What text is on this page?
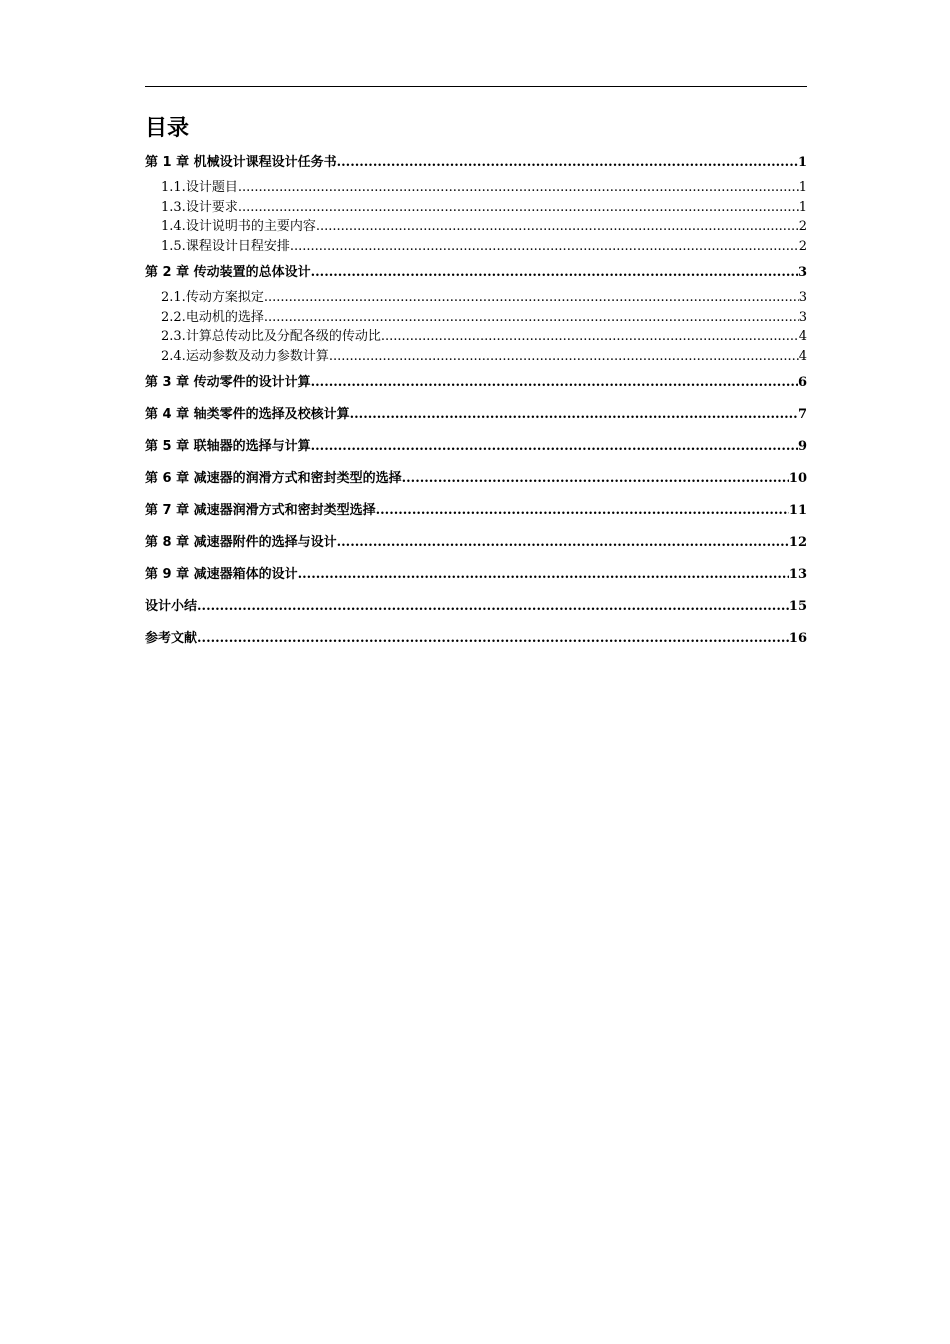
目录
第 1 章 机械设计课程设计任务书 .....	1
1.1. 设计题目 .....	1
1.3. 设计要求 .....	1
1.4. 设计说明书的主要内容 .....	2
1.5. 课程设计日程安排 .....	2
第 2 章 传动装置的总体设计 .....	3
2.1. 传动方案拟定 .....	3
2.2. 电动机的选择 .....	3
2.3. 计算总传动比及分配各级的传动比 .....	4
2.4. 运动参数及动力参数计算 .....	4
第 3 章 传动零件的设计计算 .....	6
第 4 章 轴类零件的选择及校核计算 .....	7
第 5 章 联轴器的选择与计算 .....	9
第 6 章 减速器的润滑方式和密封类型的选择 .....	10
第 7 章 减速器润滑方式和密封类型选择 .....	11
第 8 章 减速器附件的选择与设计 .....	12
第 9 章 减速器箱体的设计 .....	13
设计小结 .....	15
参考文献 .....	16
